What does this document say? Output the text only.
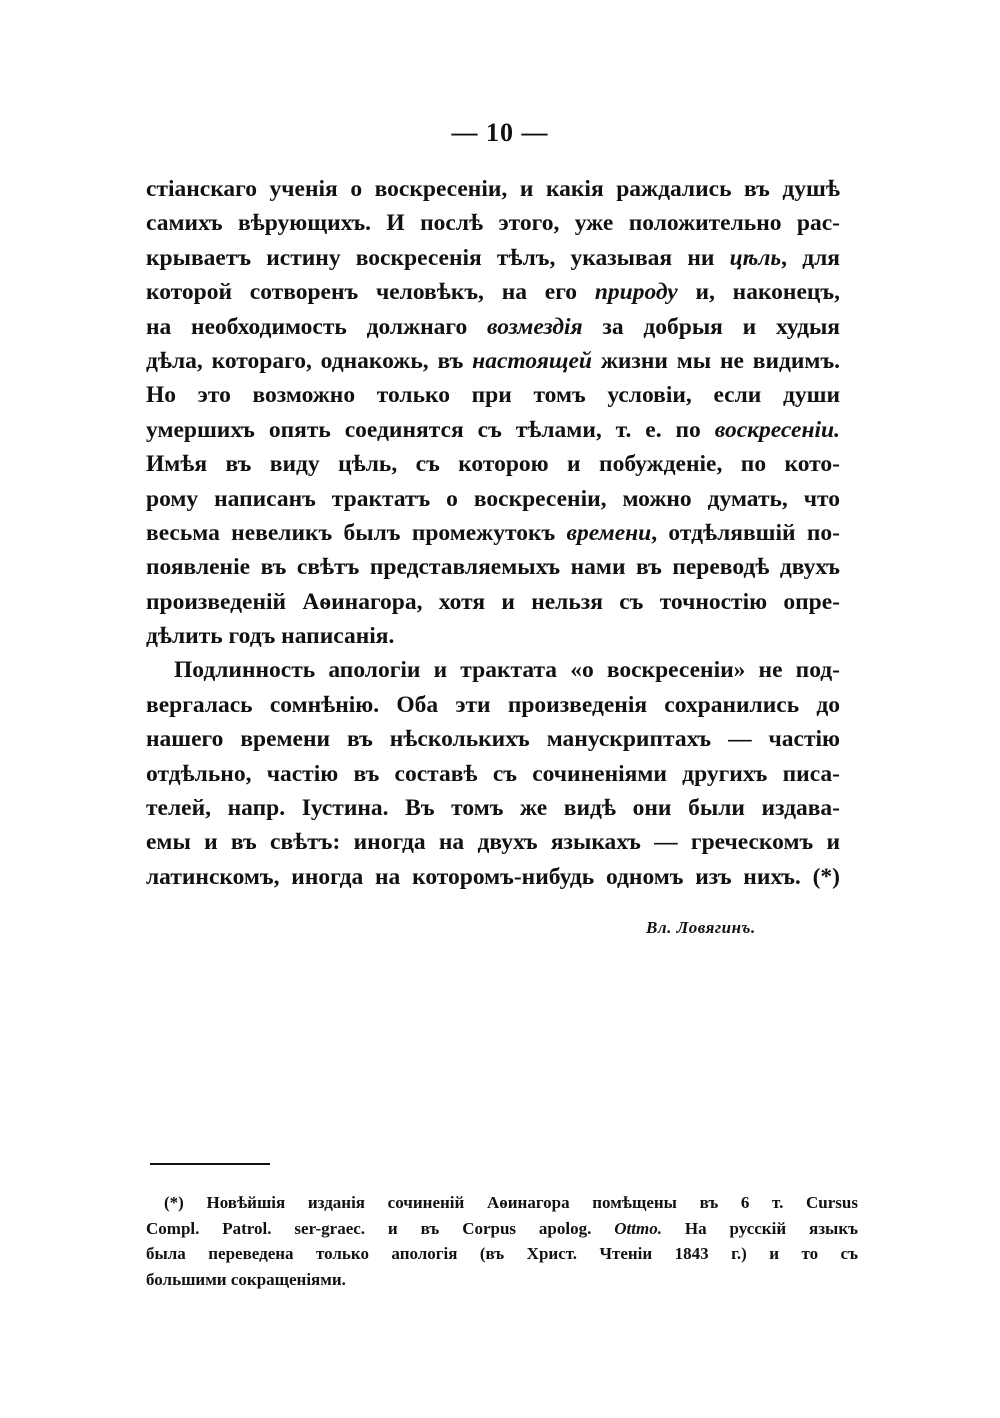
— 10 —
стіанскаго ученія о воскресеніи, и какія раждались въ душѣ
самихъ вѣрующихъ. И послѣ этого, уже положительно рас-
крываетъ истину воскресенія тѣлъ, указывая ни цѣль, для
которой сотворенъ человѣкъ, на его природу и, наконецъ,
на необходимость должнаго возмездія за добрыя и худыя
дѣла, котораго, однакожь, въ настоящей жизни мы не видимъ.
Но это возможно только при томъ условіи, если души
умершихъ опять соединятся съ тѣлами, т. е. по воскресеніи.
Имѣя въ виду цѣль, съ которою и побужденіе, по кото-
рому написанъ трактатъ о воскресеніи, можно думать, что
весьма невеликъ былъ промежутокъ времени, отдѣлявшій по-
появленіе въ свѣтъ представляемыхъ нами въ переводѣ двухъ
произведеній Аѳинагора, хотя и нельзя съ точностію опре-
дѣлить годъ написанія.
Подлинность апологіи и трактата «о воскресеніи» не под-
вергалась сомнѣнію. Оба эти произведенія сохранились до
нашего времени въ нѣсколькихъ манускриптахъ — частію
отдѣльно, частію въ составѣ съ сочиненіями другихъ писа-
телей, напр. Іустина. Въ томъ же видѣ они были издава-
емы и въ свѣтъ: иногда на двухъ языкахъ — греческомъ и
латинскомъ, иногда на которомъ-нибудь одномъ изъ нихъ. (*)
Вл. Ловягинъ.
(*) Новѣйшія изданія сочиненій Аѳинагора помѣщены въ 6 т. Cursus
Compl. Patrol. ser-graec. и въ Corpus apolog. Ottmo. На русскій языкъ
была переведена только апологія (въ Христ. Чтеніи 1843 г.) и то съ
большими сокращеніями.
